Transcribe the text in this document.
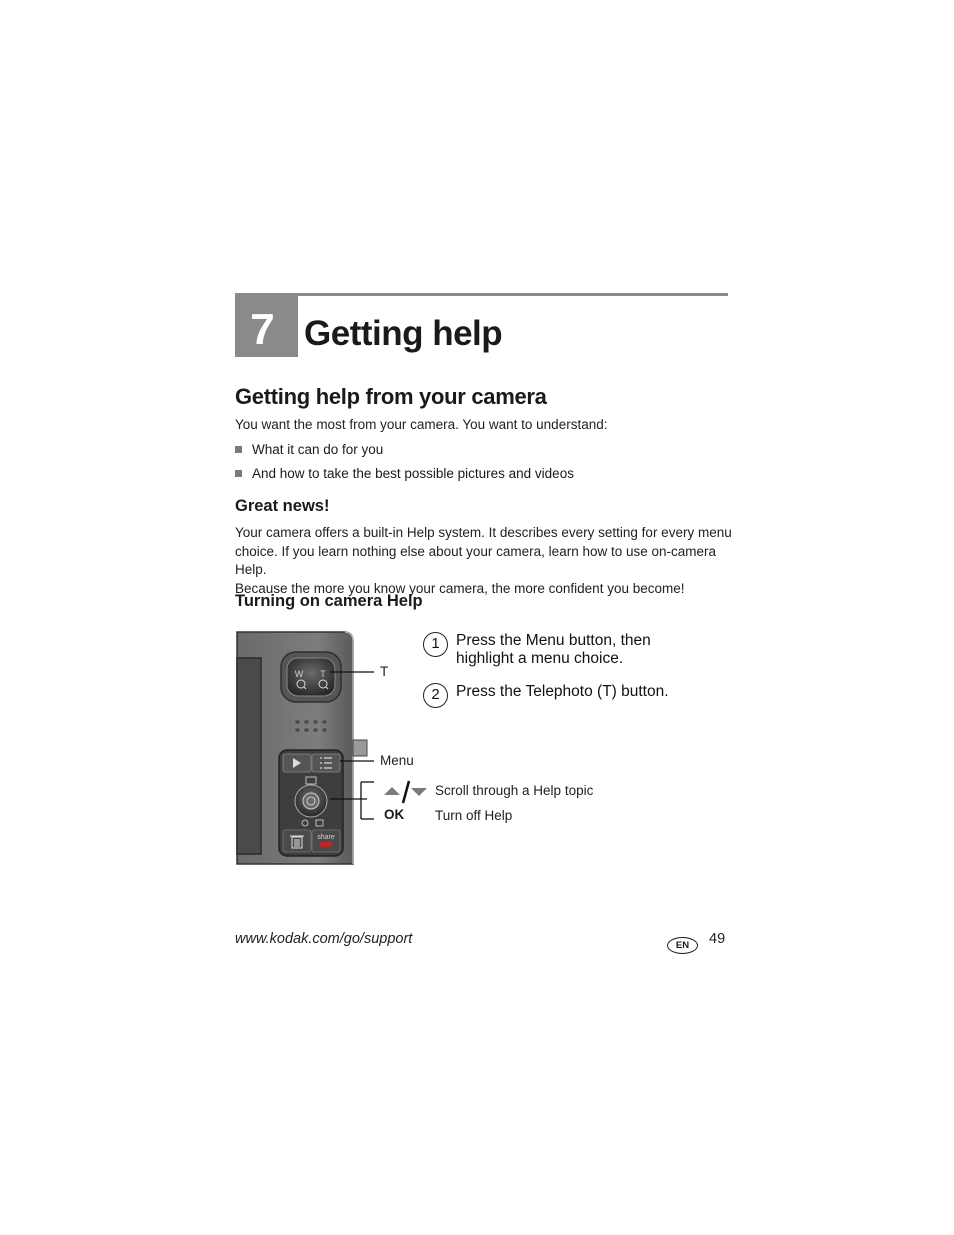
7 Getting help
Getting help from your camera
You want the most from your camera. You want to understand:
What it can do for you
And how to take the best possible pictures and videos
Great news!
Your camera offers a built-in Help system. It describes every setting for every menu
choice. If you learn nothing else about your camera, learn how to use on-camera Help.
Because the more you know your camera, the more confident you become!
Turning on camera Help
W T
share
T
Menu
Scroll through a Help topic
OK Turn off Help
1	Press the Menu button, then
highlight a menu choice.
2	Press the Telephoto (T) button.
www.kodak.com/go/support	EN	49
